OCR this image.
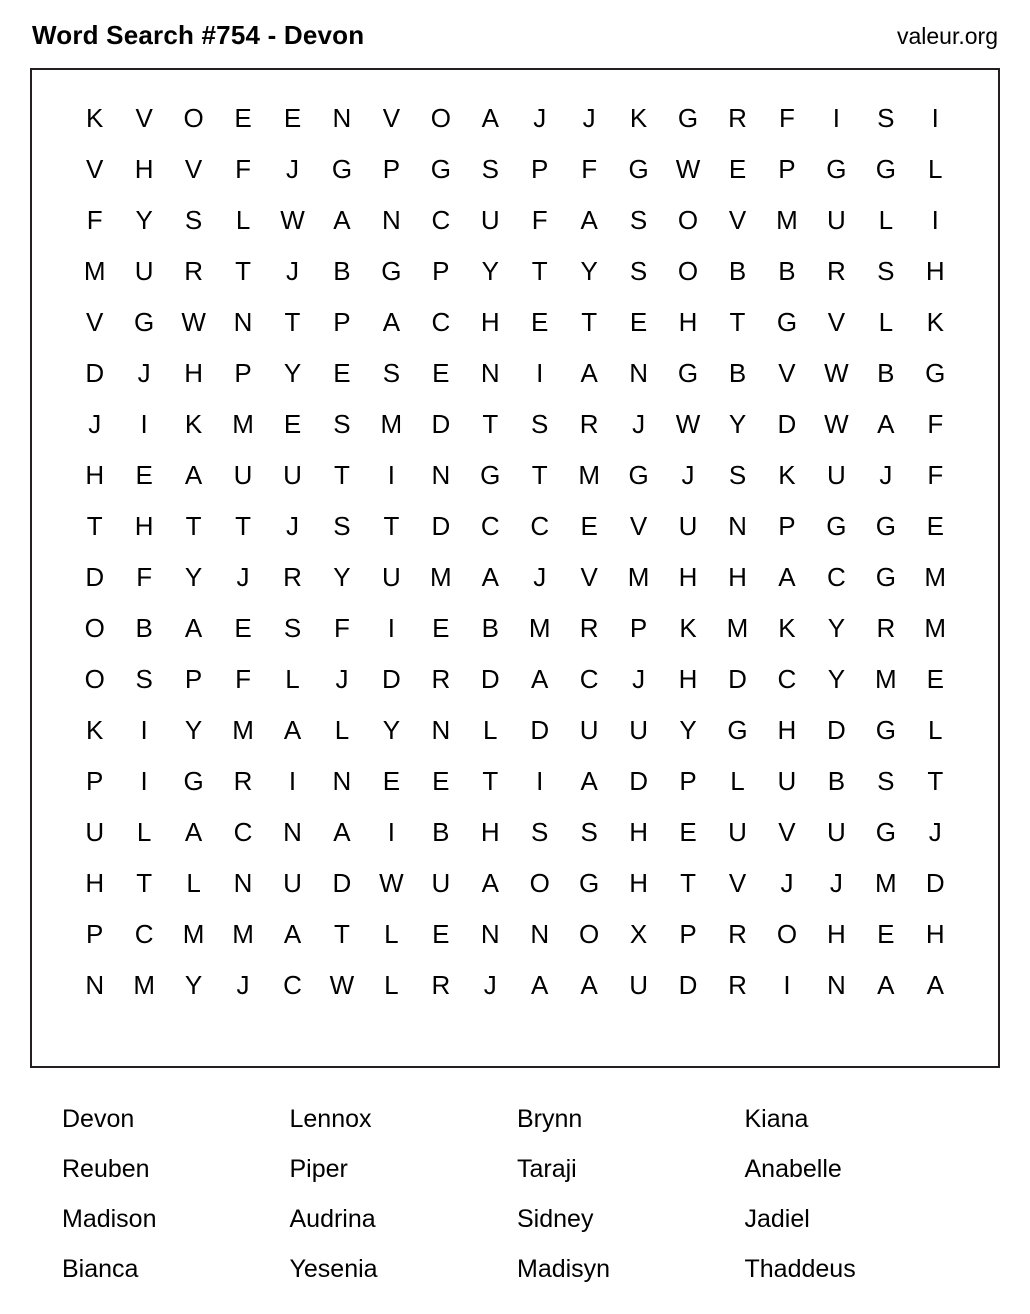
Word Search #754 - Devon	valeur.org
K	V	O	E	E	N	V	O	A	J	J	K	G	R	F	I	S	I
V	H	V	F	J	G	P	G	S	P	F	G	W	E	P	G	G	L
F	Y	S	L	W	A	N	C	U	F	A	S	O	V	M	U	L	I
M	U	R	T	J	B	G	P	Y	T	Y	S	O	B	B	R	S	H
V	G	W	N	T	P	A	C	H	E	T	E	H	T	G	V	L	K
D	J	H	P	Y	E	S	E	N	I	A	N	G	B	V	W	B	G
J	I	K	M	E	S	M	D	T	S	R	J	W	Y	D	W	A	F
H	E	A	U	U	T	I	N	G	T	M	G	J	S	K	U	J	F
T	H	T	T	J	S	T	D	C	C	E	V	U	N	P	G	G	E
D	F	Y	J	R	Y	U	M	A	J	V	M	H	H	A	C	G	M
O	B	A	E	S	F	I	E	B	M	R	P	K	M	K	Y	R	M
O	S	P	F	L	J	D	R	D	A	C	J	H	D	C	Y	M	E
K	I	Y	M	A	L	Y	N	L	D	U	U	Y	G	H	D	G	L
P	I	G	R	I	N	E	E	T	I	A	D	P	L	U	B	S	T
U	L	A	C	N	A	I	B	H	S	S	H	E	U	V	U	G	J
H	T	L	N	U	D	W	U	A	O	G	H	T	V	J	J	M	D
P	C	M	M	A	T	L	E	N	N	O	X	P	R	O	H	E	H
N	M	Y	J	C	W	L	R	J	A	A	U	D	R	I	N	A	A
Devon	Lennox	Brynn	Kiana
Reuben	Piper	Taraji	Anabelle
Madison	Audrina	Sidney	Jadiel
Bianca	Yesenia	Madisyn	Thaddeus
